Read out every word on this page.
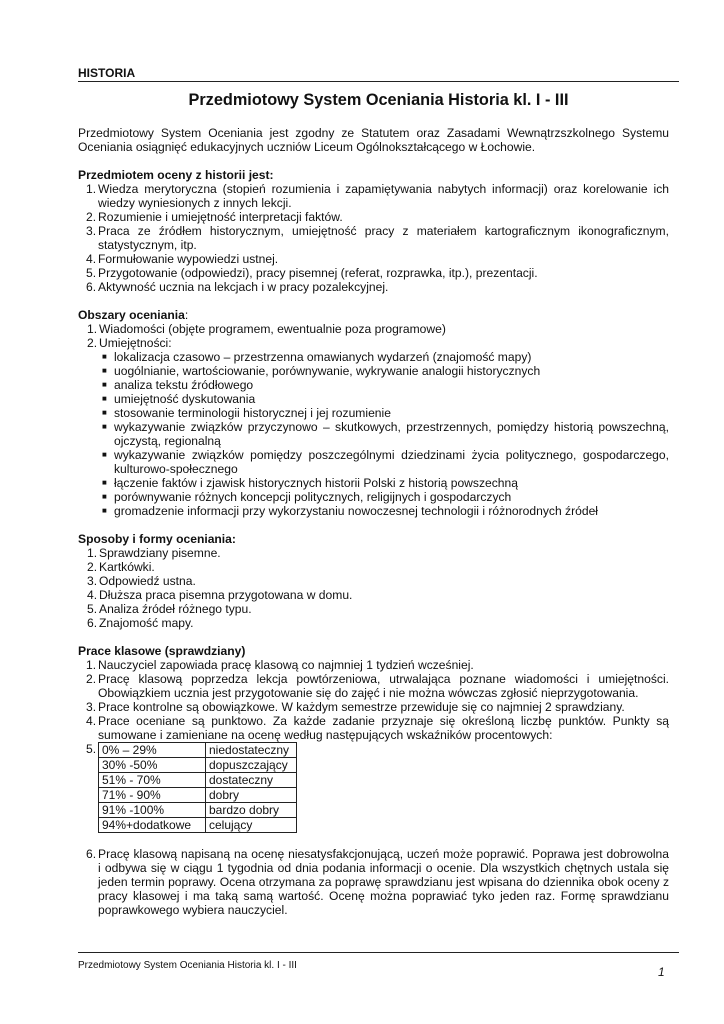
HISTORIA
Przedmiotowy System Oceniania Historia kl. I - III

Przedmiotowy System Oceniania jest zgodny ze Statutem oraz Zasadami Wewnątrzszkolnego Systemu Oceniania osiągnięć edukacyjnych uczniów Liceum Ogólnokształcącego w Łochowie.

Przedmiotem oceny z historii jest:
1. Wiedza merytoryczna (stopień rozumienia i zapamiętywania nabytych informacji) oraz korelowanie ich wiedzy wyniesionych z innych lekcji.
2. Rozumienie i umiejętność interpretacji faktów.
3. Praca ze źródłem historycznym, umiejętność pracy z materiałem kartograficznym ikonograficznym, statystycznym, itp.
4. Formułowanie wypowiedzi ustnej.
5. Przygotowanie (odpowiedzi), pracy pisemnej (referat, rozprawka, itp.), prezentacji.
6. Aktywność ucznia na lekcjach i w pracy pozalekcyjnej.
Obszary oceniania:
1. Wiadomości (objęte programem, ewentualnie poza programowe)
2. Umiejętności:
■ lokalizacja czasowo – przestrzenna omawianych wydarzeń (znajomość mapy)
■ uogólnianie, wartościowanie, porównywanie, wykrywanie analogii historycznych
■ analiza tekstu źródłowego
■ umiejętność dyskutowania
■ stosowanie terminologii historycznej i jej rozumienie
■ wykazywanie związków przyczynowo – skutkowych, przestrzennych, pomiędzy historią powszechną, ojczystą, regionalną
■ wykazywanie związków pomiędzy poszczególnymi dziedzinami życia politycznego, gospodarczego, kulturowo-społecznego
■ łączenie faktów i zjawisk historycznych historii Polski z historią powszechną
■ porównywanie różnych koncepcji politycznych, religijnych i gospodarczych
■ gromadzenie informacji przy wykorzystaniu nowoczesnej technologii i różnorodnych źródeł
Sposoby i formy oceniania:
1. Sprawdziany pisemne.
2. Kartkówki.
3. Odpowiedź ustna.
4. Dłuższa praca pisemna przygotowana w domu.
5. Analiza źródeł różnego typu.
6. Znajomość mapy.
Prace klasowe (sprawdziany)
1. Nauczyciel zapowiada pracę klasową co najmniej 1 tydzień wcześniej.
2. Pracę klasową poprzedza lekcja powtórzeniowa, utrwalająca poznane wiadomości i umiejętności. Obowiązkiem ucznia jest przygotowanie się do zajęć i nie można wówczas zgłosić nieprzygotowania.
3. Prace kontrolne są obowiązkowe. W każdym semestrze przewiduje się co najmniej 2 sprawdziany.
4. Prace oceniane są punktowo. Za każde zadanie przyznaje się określoną liczbę punktów. Punkty są sumowane i zamieniane na ocenę według następujących wskaźników procentowych:
5. 0% – 29%	niedostateczny
30% -50%	dopuszczający
51% - 70%	dostateczny
71% - 90%	dobry
91% -100%	bardzo dobry
94%+dodatkowe	celujący
6. Pracę klasową napisaną na ocenę niesatysfakcjonującą, uczeń może poprawić. Poprawa jest dobrowolna i odbywa się w ciągu 1 tygodnia od dnia podania informacji o ocenie. Dla wszystkich chętnych ustala się jeden termin poprawy. Ocena otrzymana za poprawę sprawdzianu jest wpisana do dziennika obok oceny z pracy klasowej i ma taką samą wartość. Ocenę można poprawiać tyko jeden raz. Formę sprawdzianu poprawkowego wybiera nauczyciel.
Przedmiotowy System Oceniania Historia kl. I - III	1
